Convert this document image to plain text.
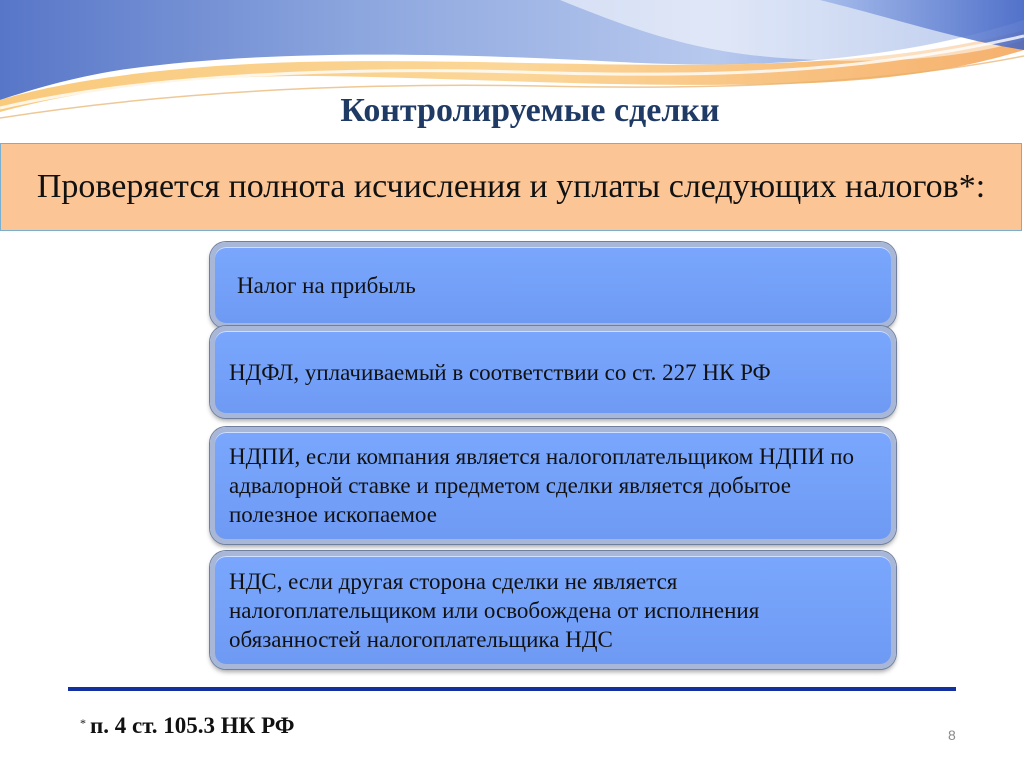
Контролируемые сделки
Проверяется полнота исчисления и уплаты следующих налогов*:
Налог на прибыль
НДФЛ, уплачиваемый в соответствии со ст. 227 НК РФ
НДПИ, если компания является налогоплательщиком НДПИ по адвалорной ставке и предметом сделки является добытое полезное ископаемое
НДС, если другая сторона сделки не является налогоплательщиком или освобождена от исполнения обязанностей налогоплательщика НДС
* п. 4 ст. 105.3 НК РФ	8
